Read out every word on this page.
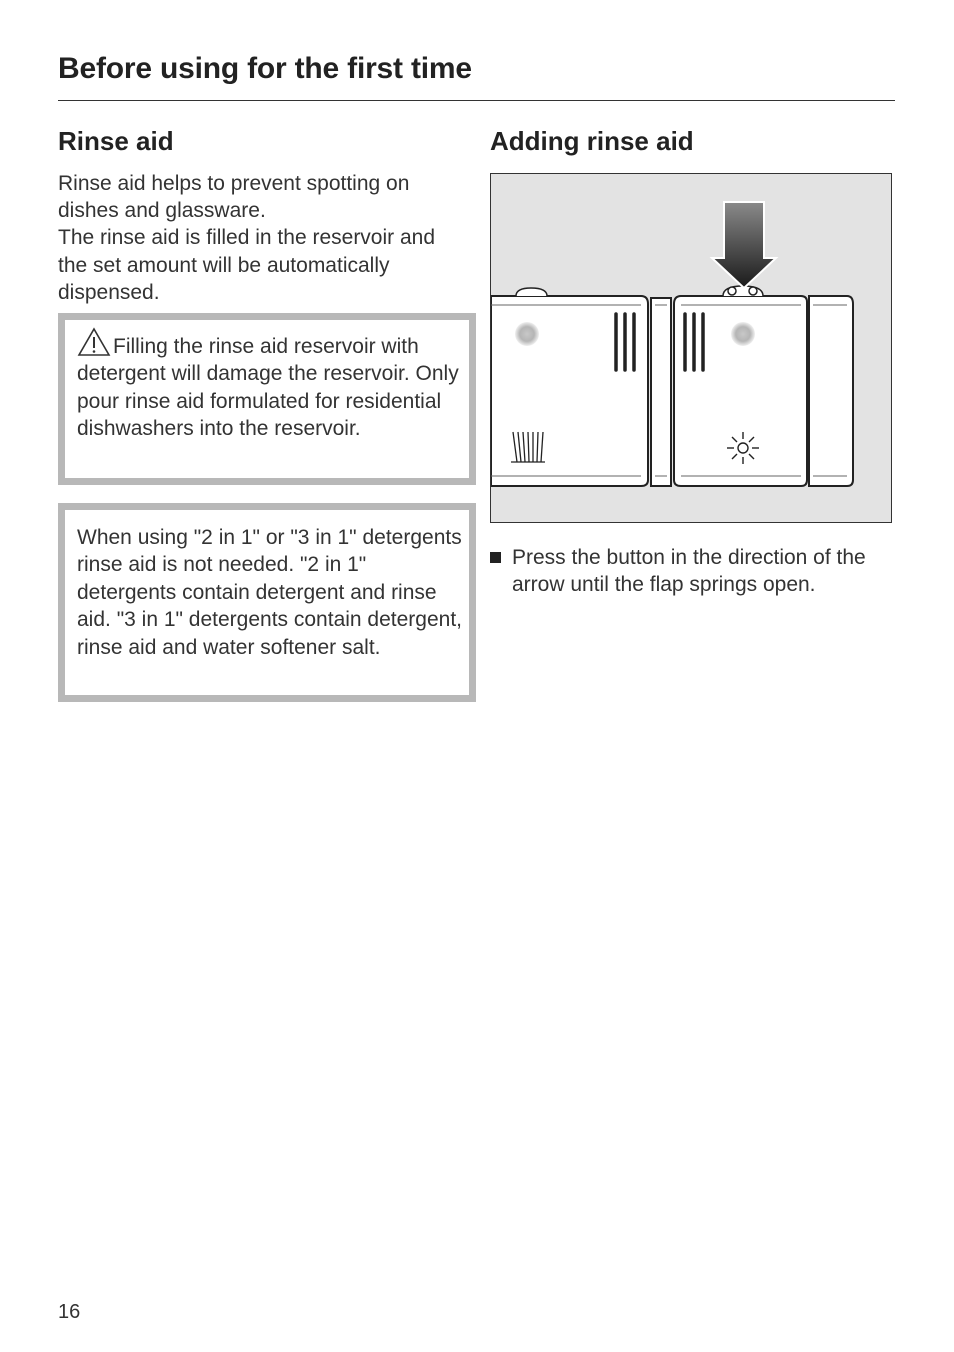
Before using for the first time
Rinse aid	Adding rinse aid

Rinse aid helps to prevent spotting on dishes and glassware.

The rinse aid is filled in the reservoir and the set amount will be automatically dispensed.

Filling the rinse aid reservoir with detergent will damage the reservoir. Only pour rinse aid formulated for residential dishwashers into the reservoir.
When using "2 in 1" or "3 in 1" detergents rinse aid is not needed. "2 in 1" detergents contain detergent and rinse aid. "3 in 1" detergents contain detergent, rinse aid and water softener salt.
Press the button in the direction of the arrow until the flap springs open.
16
